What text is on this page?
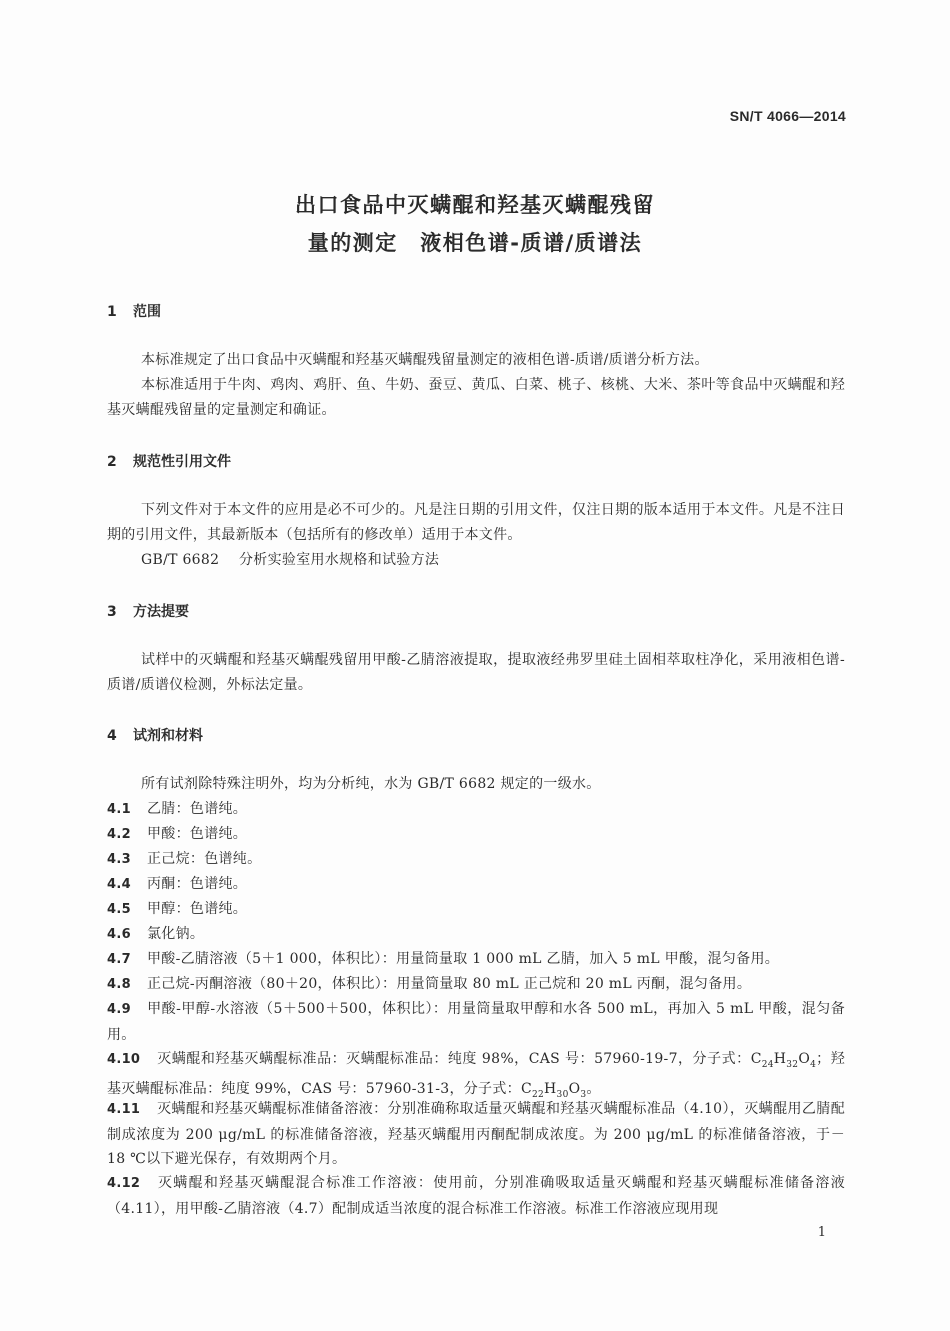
SN/T 4066—2014
出口食品中灭螨醌和羟基灭螨醌残留
量的测定　液相色谱-质谱/质谱法
1 范围
本标准规定了出口食品中灭螨醌和羟基灭螨醌残留量测定的液相色谱-质谱/质谱分析方法。
本标准适用于牛肉、鸡肉、鸡肝、鱼、牛奶、蚕豆、黄瓜、白菜、桃子、核桃、大米、茶叶等食品中灭螨醌和羟基灭螨醌残留量的定量测定和确证。
2 规范性引用文件
下列文件对于本文件的应用是必不可少的。凡是注日期的引用文件，仅注日期的版本适用于本文件。凡是不注日期的引用文件，其最新版本（包括所有的修改单）适用于本文件。
GB/T 6682 分析实验室用水规格和试验方法
3 方法提要
试样中的灭螨醌和羟基灭螨醌残留用甲酸-乙腈溶液提取，提取液经弗罗里硅土固相萃取柱净化，采用液相色谱-质谱/质谱仪检测，外标法定量。
4 试剂和材料
所有试剂除特殊注明外，均为分析纯，水为 GB/T 6682 规定的一级水。
4.1 乙腈：色谱纯。
4.2 甲酸：色谱纯。
4.3 正己烷：色谱纯。
4.4 丙酮：色谱纯。
4.5 甲醇：色谱纯。
4.6 氯化钠。
4.7 甲酸-乙腈溶液（5＋1 000，体积比）：用量筒量取 1 000 mL 乙腈，加入 5 mL 甲酸，混匀备用。
4.8 正己烷-丙酮溶液（80＋20，体积比）：用量筒量取 80 mL 正己烷和 20 mL 丙酮，混匀备用。
4.9 甲酸-甲醇-水溶液（5＋500＋500，体积比）：用量筒量取甲醇和水各 500 mL，再加入 5 mL 甲酸，混匀备用。
4.10 灭螨醌和羟基灭螨醌标准品：灭螨醌标准品：纯度 98%，CAS 号：57960-19-7，分子式：$C_{24}H_{32}O_4$；羟基灭螨醌标准品：纯度 99%，CAS 号：57960-31-3，分子式：$C_{22}H_{30}O_3$。
4.11 灭螨醌和羟基灭螨醌标准储备溶液：分别准确称取适量灭螨醌和羟基灭螨醌标准品（4.10），灭螨醌用乙腈配制成浓度为 200 μg/mL 的标准储备溶液，羟基灭螨醌用丙酮配制成浓度。为 200 μg/mL 的标准储备溶液，于－18 ℃以下避光保存，有效期两个月。
4.12 灭螨醌和羟基灭螨醌混合标准工作溶液：使用前，分别准确吸取适量灭螨醌和羟基灭螨醌标准储备溶液（4.11），用甲酸-乙腈溶液（4.7）配制成适当浓度的混合标准工作溶液。标准工作溶液应现用现
1
